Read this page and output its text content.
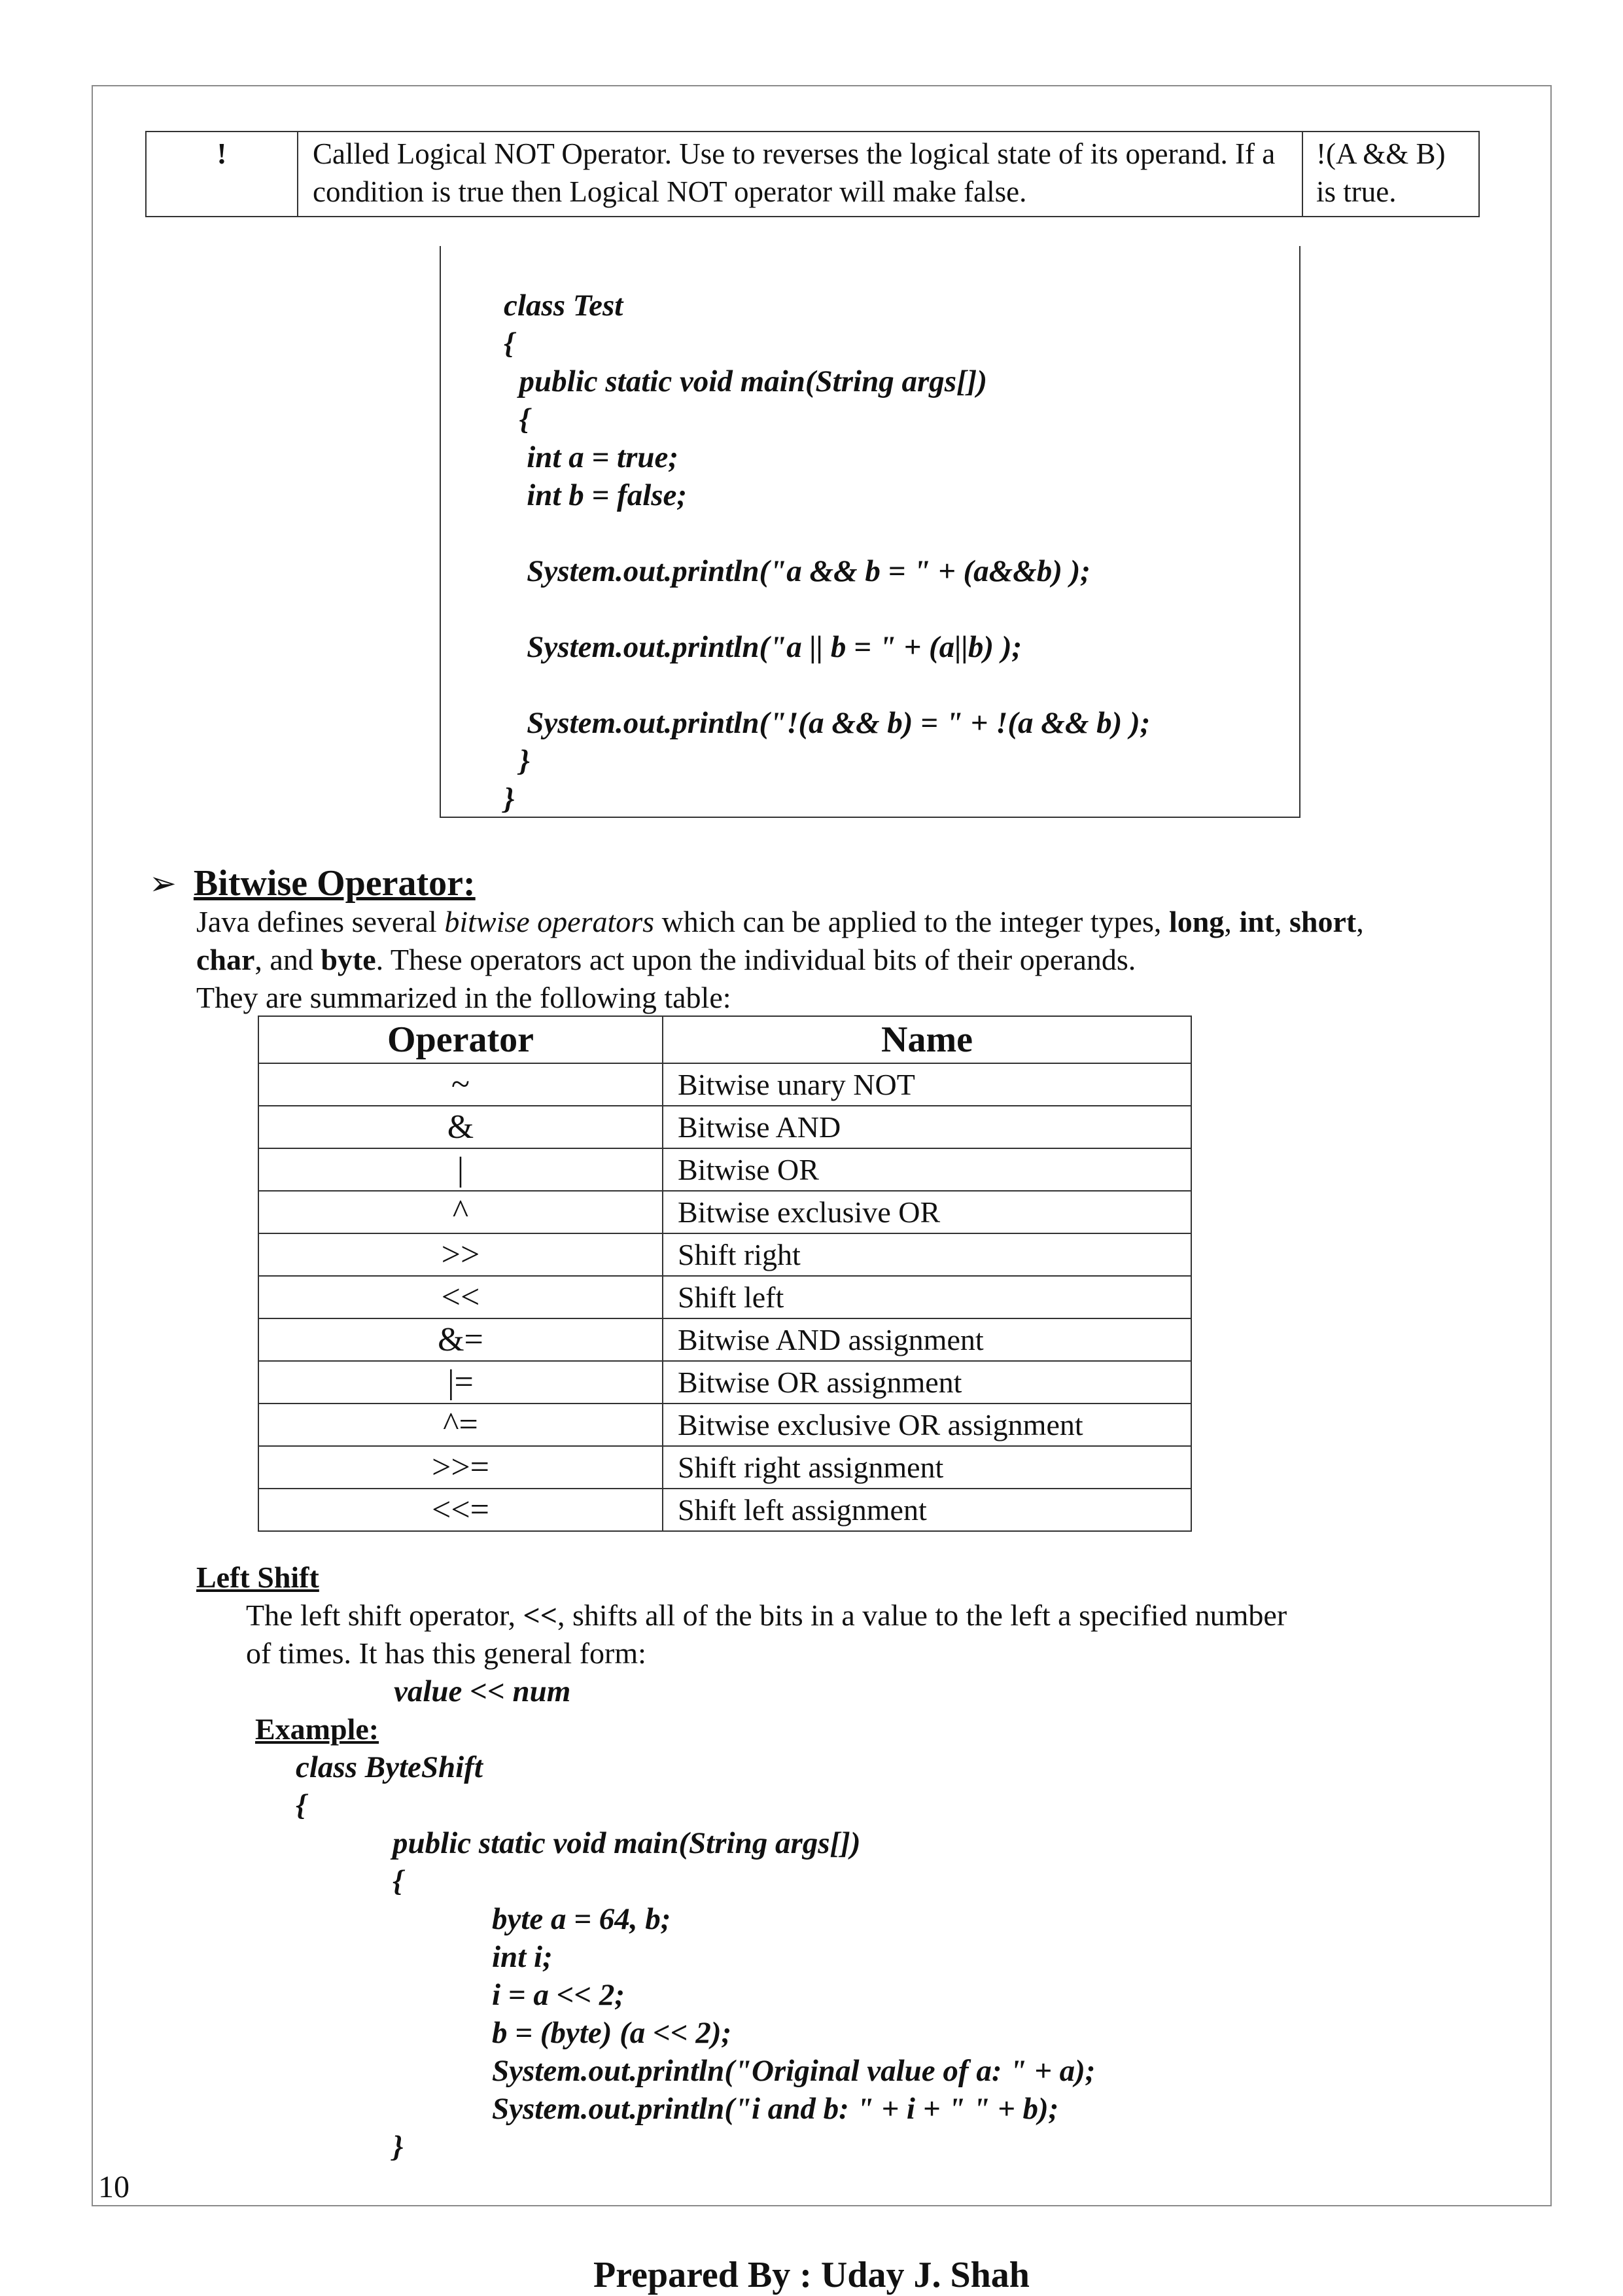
!	Called Logical NOT Operator. Use to reverses the logical state of its operand. If a condition is true then Logical NOT operator will make false.	!(A && B) is true.
class Test
{
public static void main(String args[])
{
int a = true;
int b = false;
System.out.println("a && b = " + (a&&b) );
System.out.println("a || b = " + (a||b) );
System.out.println("!(a && b) = " + !(a && b) );
}
}
➢ Bitwise Operator:
Java defines several bitwise operators which can be applied to the integer types, long, int, short,
char, and byte. These operators act upon the individual bits of their operands.
They are summarized in the following table:
Operator	Name
~	Bitwise unary NOT
&	Bitwise AND
|	Bitwise OR
^	Bitwise exclusive OR
>>	Shift right
<<	Shift left
&=	Bitwise AND assignment
|=	Bitwise OR assignment
^=	Bitwise exclusive OR assignment
>>=	Shift right assignment
<<=	Shift left assignment
Left Shift
The left shift operator, <<, shifts all of the bits in a value to the left a specified number
of times. It has this general form:
value << num
Example:
class ByteShift
{
public static void main(String args[])
{
byte a = 64, b;
int i;
i = a << 2;
b = (byte) (a << 2);
System.out.println("Original value of a: " + a);
System.out.println("i and b: " + i + " " + b);
}
10
Prepared By : Uday J. Shah
